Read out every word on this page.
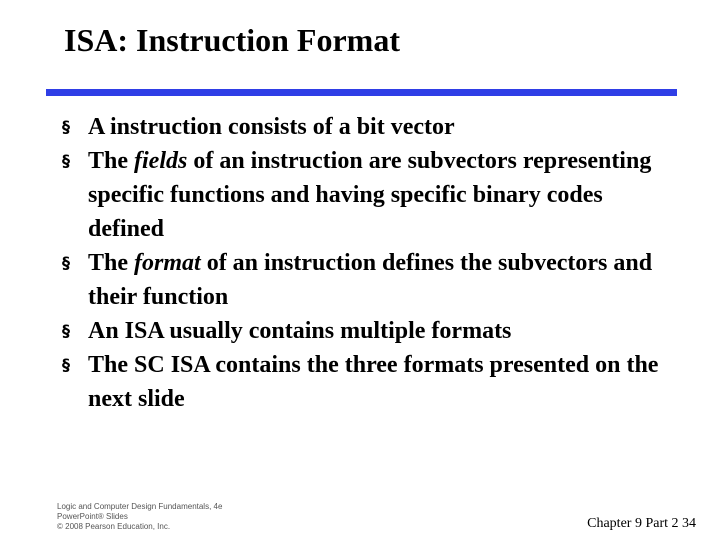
ISA: Instruction Format
§ A instruction consists of a bit vector
§ The fields of an instruction are subvectors representing specific functions and having specific binary codes defined
§ The format of an instruction defines the subvectors and their function
§ An ISA usually contains multiple formats
§ The SC ISA contains the three formats presented on the next slide
Logic and Computer Design Fundamentals, 4e
PowerPoint® Slides
© 2008 Pearson Education, Inc.	Chapter 9 Part 2 34
